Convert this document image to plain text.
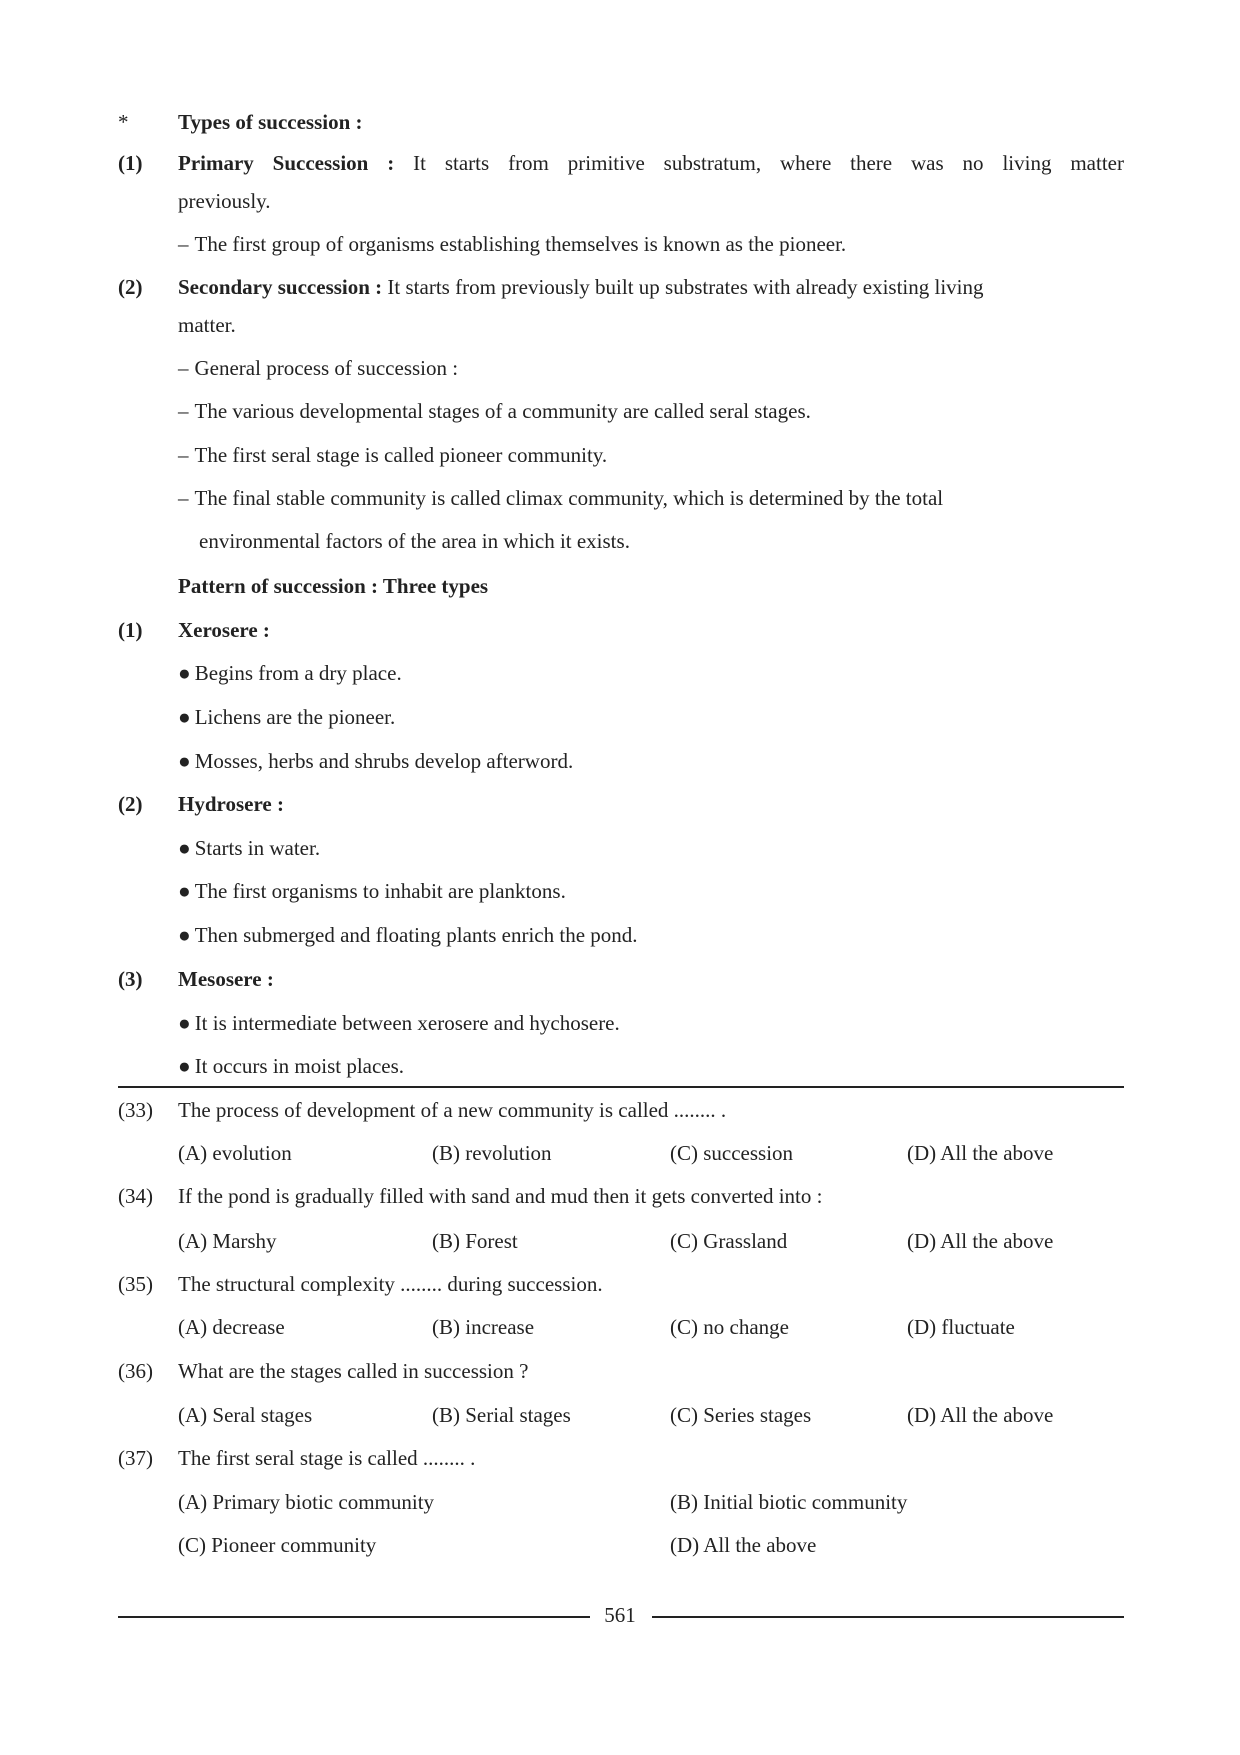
* Types of succession :
(1) Primary Succession : It starts from primitive substratum, where there was no living matter
previously.
– The first group of organisms establishing themselves is known as the pioneer.
(2) Secondary succession : It starts from previously built up substrates with already existing living
matter.
– General process of succession :
– The various developmental stages of a community are called seral stages.
– The first seral stage is called pioneer community.
– The final stable community is called climax community, which is determined by the total
environmental factors of the area in which it exists.
Pattern of succession : Three types
(1) Xerosere :
● Begins from a dry place.
● Lichens are the pioneer.
● Mosses, herbs and shrubs develop afterword.
(2) Hydrosere :
● Starts in water.
● The first organisms to inhabit are planktons.
● Then submerged and floating plants enrich the pond.
(3) Mesosere :
● It is intermediate between xerosere and hychosere.
● It occurs in moist places.
(33) The process of development of a new community is called ........ .
(A) evolution	(B) revolution	(C) succession	(D) All the above
(34) If the pond is gradually filled with sand and mud then it gets converted into :
(A) Marshy	(B) Forest	(C) Grassland	(D) All the above
(35) The structural complexity ........ during succession.
(A) decrease	(B) increase	(C) no change	(D) fluctuate
(36) What are the stages called in succession ?
(A) Seral stages	(B) Serial stages	(C) Series stages	(D) All the above
(37) The first seral stage is called ........ .
(A) Primary biotic community	(B) Initial biotic community
(C) Pioneer community	(D) All the above
561
